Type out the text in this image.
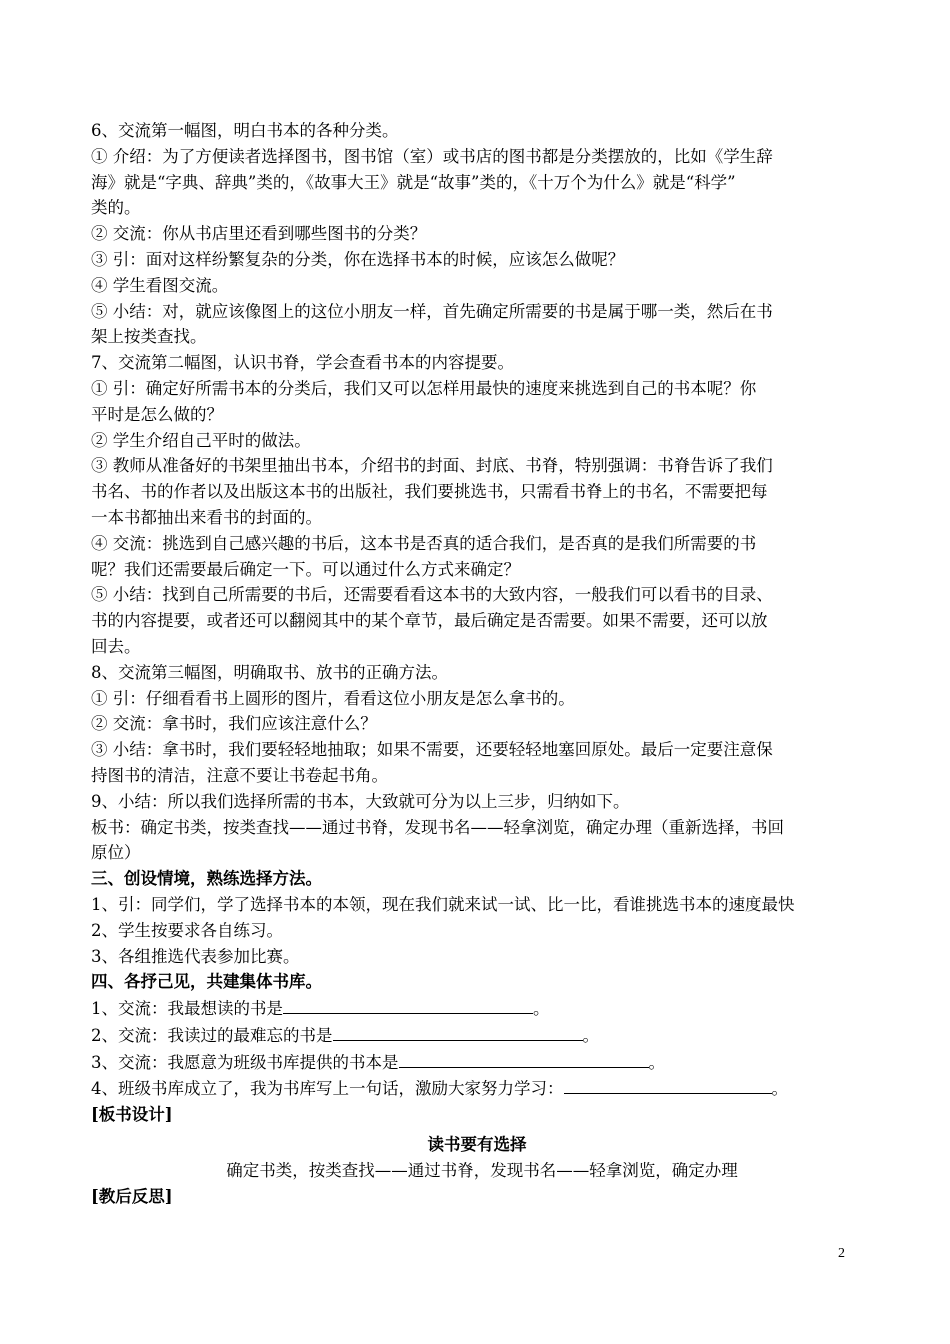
6、交流第一幅图，明白书本的各种分类。

① 介绍：为了方便读者选择图书，图书馆（室）或书店的图书都是分类摆放的，比如《学生辞

海》就是“字典、辞典”类的，《故事大王》就是“故事”类的，《十万个为什么》就是“科学”

类的。

② 交流：你从书店里还看到哪些图书的分类？

③ 引：面对这样纷繁复杂的分类，你在选择书本的时候，应该怎么做呢？

④ 学生看图交流。

⑤ 小结：对，就应该像图上的这位小朋友一样，首先确定所需要的书是属于哪一类，然后在书

架上按类查找。

7、交流第二幅图，认识书脊，学会查看书本的内容提要。

① 引：确定好所需书本的分类后，我们又可以怎样用最快的速度来挑选到自己的书本呢？你

平时是怎么做的？

② 学生介绍自己平时的做法。

③ 教师从准备好的书架里抽出书本，介绍书的封面、封底、书脊，特别强调：书脊告诉了我们

书名、书的作者以及出版这本书的出版社，我们要挑选书，只需看书脊上的书名，不需要把每

一本书都抽出来看书的封面的。

④ 交流：挑选到自己感兴趣的书后，这本书是否真的适合我们，是否真的是我们所需要的书

呢？我们还需要最后确定一下。可以通过什么方式来确定？

⑤ 小结：找到自己所需要的书后，还需要看看这本书的大致内容，一般我们可以看书的目录、

书的内容提要，或者还可以翻阅其中的某个章节，最后确定是否需要。如果不需要，还可以放

回去。

8、交流第三幅图，明确取书、放书的正确方法。

① 引：仔细看看书上圆形的图片，看看这位小朋友是怎么拿书的。

② 交流：拿书时，我们应该注意什么？

③ 小结：拿书时，我们要轻轻地抽取；如果不需要，还要轻轻地塞回原处。最后一定要注意保

持图书的清洁，注意不要让书卷起书角。

9、小结：所以我们选择所需的书本，大致就可分为以上三步，归纳如下。

板书：确定书类，按类查找——通过书脊，发现书名——轻拿浏览，确定办理（重新选择，书回

原位）

三、创设情境，熟练选择方法。

1、引：同学们，学了选择书本的本领，现在我们就来试一试、比一比，看谁挑选书本的速度最快

2、学生按要求各自练习。

3、各组推选代表参加比赛。

四、各抒己见，共建集体书库。

1、交流：我最想读的书是	。

2、交流：我读过的最难忘的书是	。

3、交流：我愿意为班级书库提供的书本是	。

4、班级书库成立了，我为书库写上一句话，激励大家努力学习：	。

[板书设计]

读书要有选择

确定书类，按类查找——通过书脊，发现书名——轻拿浏览，确定办理

[教后反思]

2
